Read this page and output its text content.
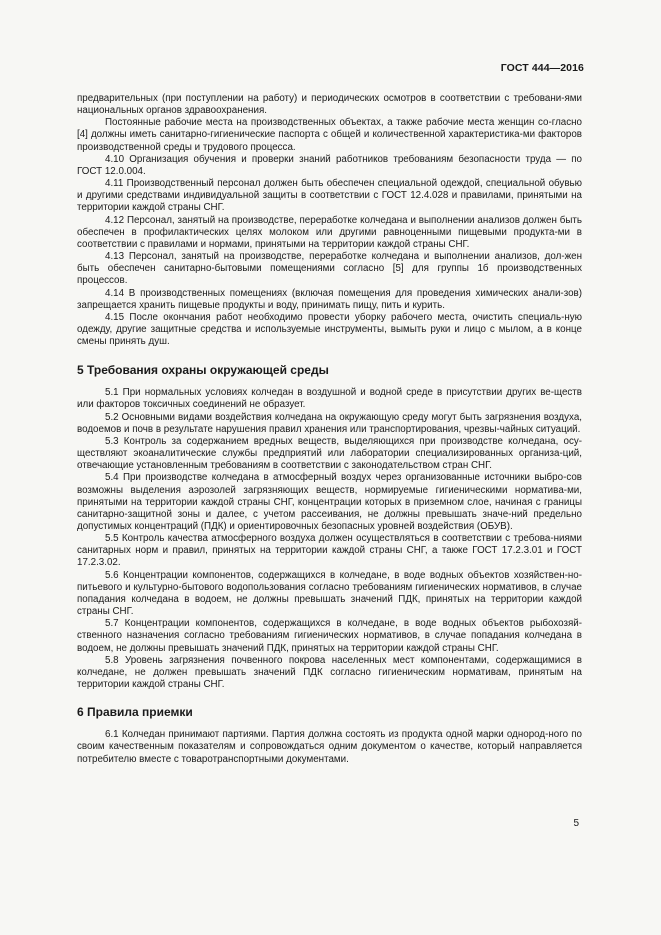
ГОСТ 444—2016

предварительных (при поступлении на работу) и периодических осмотров в соответствии с требовани-ями национальных органов здравоохранения.

Постоянные рабочие места на производственных объектах, а также рабочие места женщин со-гласно [4] должны иметь санитарно-гигиенические паспорта с общей и количественной характеристика-ми факторов производственной среды и трудового процесса.

4.10 Организация обучения и проверки знаний работников требованиям безопасности труда — по ГОСТ 12.0.004.

4.11 Производственный персонал должен быть обеспечен специальной одеждой, специальной обувью и другими средствами индивидуальной защиты в соответствии с ГОСТ 12.4.028 и правилами, принятыми на территории каждой страны СНГ.

4.12 Персонал, занятый на производстве, переработке колчедана и выполнении анализов должен быть обеспечен в профилактических целях молоком или другими равноценными пищевыми продукта-ми в соответствии с правилами и нормами, принятыми на территории каждой страны СНГ.

4.13 Персонал, занятый на производстве, переработке колчедана и выполнении анализов, дол-жен быть обеспечен санитарно-бытовыми помещениями согласно [5] для группы 1б производственных процессов.

4.14 В производственных помещениях (включая помещения для проведения химических анали-зов) запрещается хранить пищевые продукты и воду, принимать пищу, пить и курить.

4.15 После окончания работ необходимо провести уборку рабочего места, очистить специаль-ную одежду, другие защитные средства и используемые инструменты, вымыть руки и лицо с мылом, а в конце смены принять душ.

5 Требования охраны окружающей среды

5.1 При нормальных условиях колчедан в воздушной и водной среде в присутствии других ве-ществ или факторов токсичных соединений не образует.

5.2 Основными видами воздействия колчедана на окружающую среду могут быть загрязнения воздуха, водоемов и почв в результате нарушения правил хранения или транспортирования, чрезвы-чайных ситуаций.

5.3 Контроль за содержанием вредных веществ, выделяющихся при производстве колчедана, осу-ществляют экоаналитические службы предприятий или лаборатории специализированных организа-ций, отвечающие установленным требованиям в соответствии с законодательством стран СНГ.

5.4 При производстве колчедана в атмосферный воздух через организованные источники выбро-сов возможны выделения аэрозолей загрязняющих веществ, нормируемые гигиеническими нормативa-ми, принятыми на территории каждой страны СНГ, концентрации которых в приземном слое, начиная с границы санитарно-защитной зоны и далее, с учетом рассеивания, не должны превышать значе-ний предельно допустимых концентраций (ПДК) и ориентировочных безопасных уровней воздействия (ОБУВ).

5.5 Контроль качества атмосферного воздуха должен осуществляться в соответствии с требова-ниями санитарных норм и правил, принятых на территории каждой страны СНГ, а также ГОСТ 17.2.3.01 и ГОСТ 17.2.3.02.

5.6 Концентрации компонентов, содержащихся в колчедане, в воде водных объектов хозяйствен-но-питьевого и культурно-бытового водопользования согласно требованиям гигиенических нормативов, в случае попадания колчедана в водоем, не должны превышать значений ПДК, принятых на территории каждой страны СНГ.

5.7 Концентрации компонентов, содержащихся в колчедане, в воде водных объектов рыбохозяй-ственного назначения согласно требованиям гигиенических нормативов, в случае попадания колчедана в водоем, не должны превышать значений ПДК, принятых на территории каждой страны СНГ.

5.8 Уровень загрязнения почвенного покрова населенных мест компонентами, содержащимися в колчедане, не должен превышать значений ПДК согласно гигиеническим нормативам, принятым на территории каждой страны СНГ.

6 Правила приемки

6.1 Колчедан принимают партиями. Партия должна состоять из продукта одной марки однород-ного по своим качественным показателям и сопровождаться одним документом о качестве, который направляется потребителю вместе с товаротранспортными документами.

5
